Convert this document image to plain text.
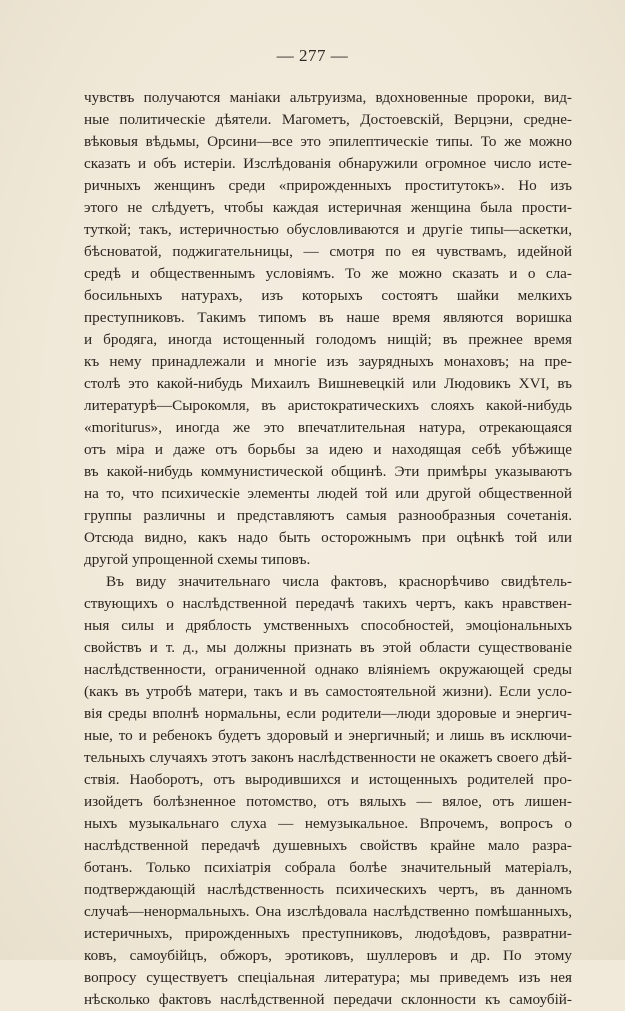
— 277 —
чувствъ получаются маніаки альтруизма, вдохновенные пророки, вид-
ные политическіе дѣятели. Магометъ, Достоевскій, Верцэни, средне-
вѣковыя вѣдьмы, Орсини—все это эпилептическіе типы. То же можно
сказать и объ истеріи. Изслѣдованія обнаружили огромное число исте-
ричныхъ женщинъ среди «прирожденныхъ проститутокъ». Но изъ
этого не слѣдуетъ, чтобы каждая истеричная женщина была прости-
туткой; такъ, истеричностью обусловливаются и другіе типы—аскетки,
бѣсноватой, поджигательницы, — смотря по ея чувствамъ, идейной
средѣ и общественнымъ условіямъ. То же можно сказать и о сла-
босильныхъ натурахъ, изъ которыхъ состоятъ шайки мелкихъ
преступниковъ. Такимъ типомъ въ наше время являются воришка
и бродяга, иногда истощенный голодомъ нищій; въ прежнее время
къ нему принадлежали и многіе изъ заурядныхъ монаховъ; на пре-
столѣ это какой-нибудь Михаилъ Вишневецкій или Людовикъ XVI, въ
литературѣ—Сырокомля, въ аристократическихъ слояхъ какой-нибудь
«moriturus», иногда же это впечатлительная натура, отрекающаяся
отъ міра и даже отъ борьбы за идею и находящая себѣ убѣжище
въ какой-нибудь коммунистической общинѣ. Эти примѣры указываютъ
на то, что психическіе элементы людей той или другой общественной
группы различны и представляютъ самыя разнообразныя сочетанія.
Отсюда видно, какъ надо быть осторожнымъ при оцѣнкѣ той или
другой упрощенной схемы типовъ.
Въ виду значительнаго числа фактовъ, краснорѣчиво свидѣтель-
ствующихъ о наслѣдственной передачѣ такихъ чертъ, какъ нравствен-
ныя силы и дряблость умственныхъ способностей, эмоціональныхъ
свойствъ и т. д., мы должны признать въ этой области существованіе
наслѣдственности, ограниченной однако вліяніемъ окружающей среды
(какъ въ утробѣ матери, такъ и въ самостоятельной жизни). Если усло-
вія среды вполнѣ нормальны, если родители—люди здоровые и энергич-
ные, то и ребенокъ будетъ здоровый и энергичный; и лишь въ исключи-
тельныхъ случаяхъ этотъ законъ наслѣдственности не окажетъ своего дѣй-
ствія. Наоборотъ, отъ выродившихся и истощенныхъ родителей про-
изойдетъ болѣзненное потомство, отъ вялыхъ — вялое, отъ лишен-
ныхъ музыкальнаго слуха — немузыкальное. Впрочемъ, вопросъ о
наслѣдственной передачѣ душевныхъ свойствъ крайне мало разра-
ботанъ. Только психіатрія собрала болѣе значительный матеріалъ,
подтверждающій наслѣдственность психическихъ чертъ, въ данномъ
случаѣ—ненормальныхъ. Она изслѣдовала наслѣдственно помѣшанныхъ,
истеричныхъ, прирожденныхъ преступниковъ, людоѣдовъ, развратни-
ковъ, самоубійцъ, обжоръ, эротиковъ, шуллеровъ и др. По этому
вопросу существуетъ спеціальная литература; мы приведемъ изъ нея
нѣсколько фактовъ наслѣдственной передачи склонности къ самоубій-
